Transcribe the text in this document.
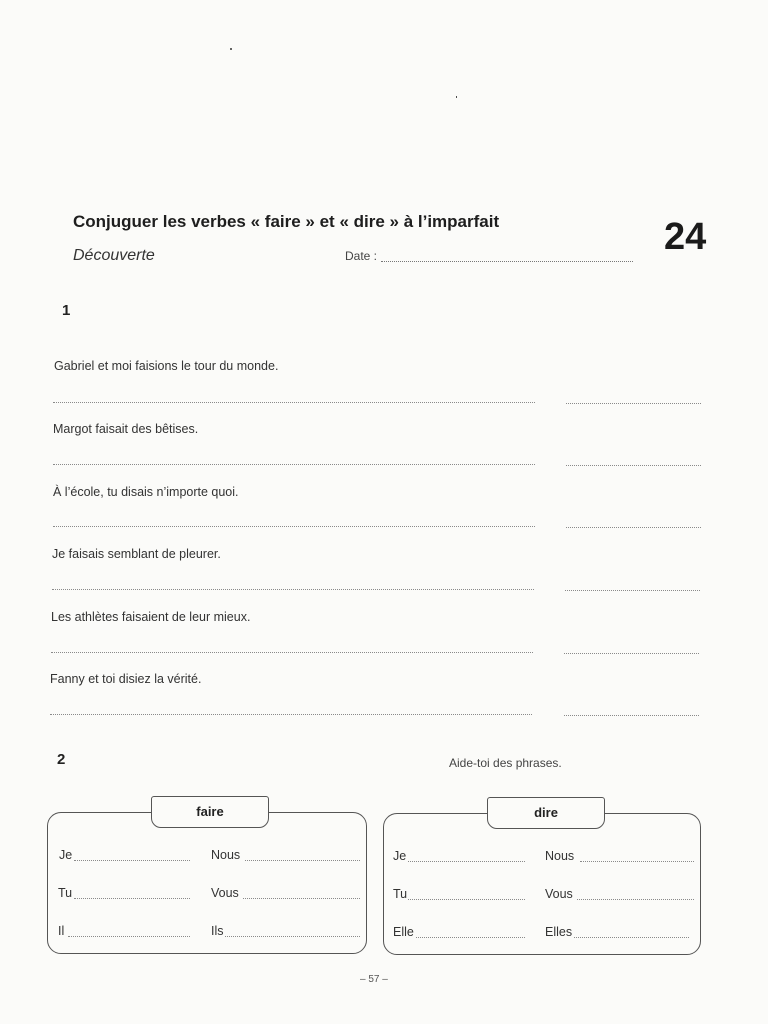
Conjuguer les verbes « faire » et « dire » à l’imparfait
Découverte	Date :	24
1
Gabriel et moi faisions le tour du monde.
Margot faisait des bêtises.
À l’école, tu disais n’importe quoi.
Je faisais semblant de pleurer.
Les athlètes faisaient de leur mieux.
Fanny et toi disiez la vérité.
2	Aide-toi des phrases.
faire
Je	Nous
Tu	Vous
Il	Ils
dire
Je	Nous
Tu	Vous
Elle	Elles
– 57 –
